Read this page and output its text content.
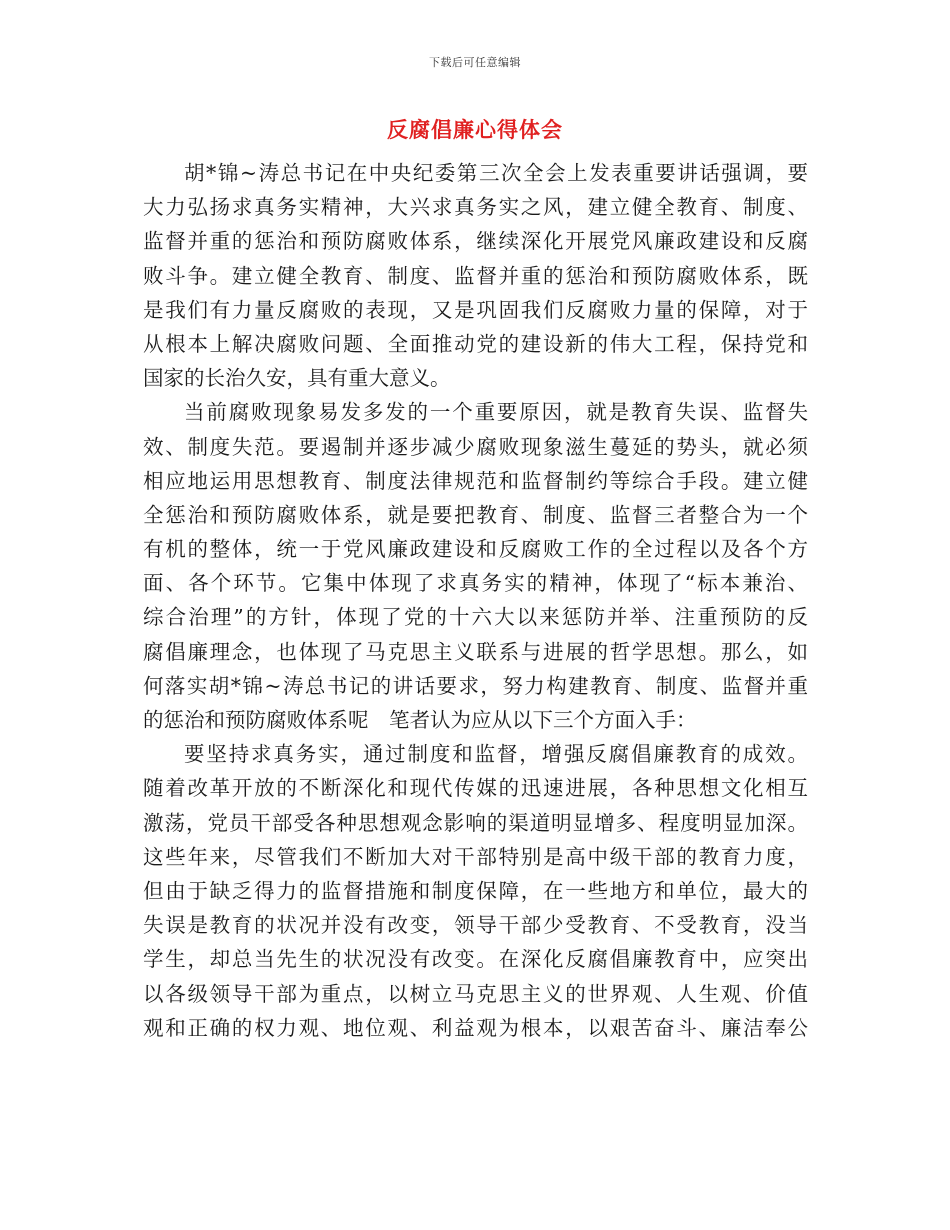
下载后可任意编辑
反腐倡廉心得体会
胡*锦~涛总书记在中央纪委第三次全会上发表重要讲话强调，要
大力弘扬求真务实精神，大兴求真务实之风，建立健全教育、制度、
监督并重的惩治和预防腐败体系，继续深化开展党风廉政建设和反腐
败斗争。建立健全教育、制度、监督并重的惩治和预防腐败体系，既
是我们有力量反腐败的表现，又是巩固我们反腐败力量的保障，对于
从根本上解决腐败问题、全面推动党的建设新的伟大工程，保持党和
国家的长治久安，具有重大意义。
当前腐败现象易发多发的一个重要原因，就是教育失误、监督失
效、制度失范。要遏制并逐步减少腐败现象滋生蔓延的势头，就必须
相应地运用思想教育、制度法律规范和监督制约等综合手段。建立健
全惩治和预防腐败体系，就是要把教育、制度、监督三者整合为一个
有机的整体，统一于党风廉政建设和反腐败工作的全过程以及各个方
面、各个环节。它集中体现了求真务实的精神，体现了“标本兼治、
综合治理”的方针，体现了党的十六大以来惩防并举、注重预防的反
腐倡廉理念，也体现了马克思主义联系与进展的哲学思想。那么，如
何落实胡*锦~涛总书记的讲话要求，努力构建教育、制度、监督并重
的惩治和预防腐败体系呢　笔者认为应从以下三个方面入手：
要坚持求真务实，通过制度和监督，增强反腐倡廉教育的成效。
随着改革开放的不断深化和现代传媒的迅速进展，各种思想文化相互
激荡，党员干部受各种思想观念影响的渠道明显增多、程度明显加深。
这些年来，尽管我们不断加大对干部特别是高中级干部的教育力度，
但由于缺乏得力的监督措施和制度保障，在一些地方和单位，最大的
失误是教育的状况并没有改变，领导干部少受教育、不受教育，没当
学生，却总当先生的状况没有改变。在深化反腐倡廉教育中，应突出
以各级领导干部为重点，以树立马克思主义的世界观、人生观、价值
观和正确的权力观、地位观、利益观为根本，以艰苦奋斗、廉洁奉公
